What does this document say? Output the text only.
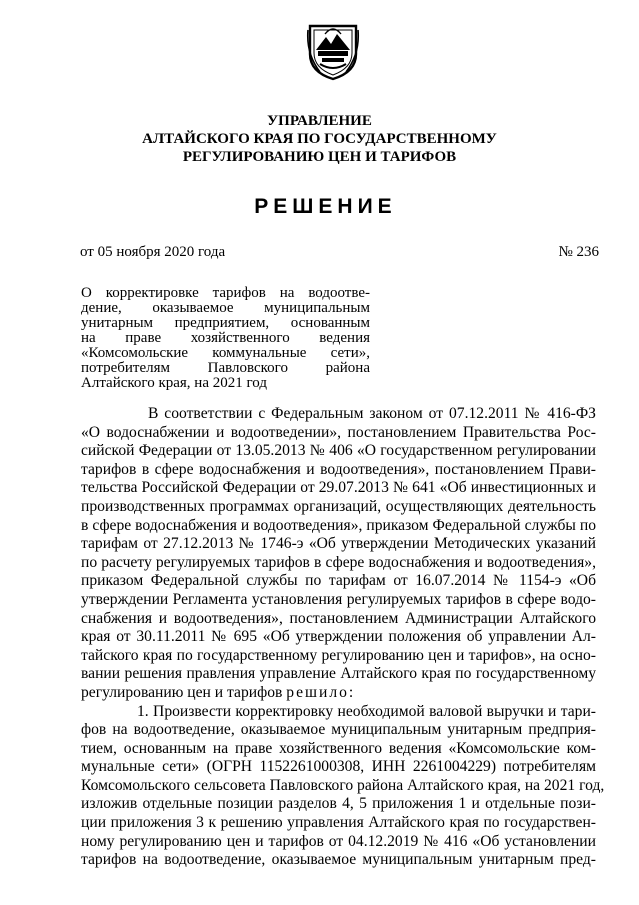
УПРАВЛЕНИЕ
АЛТАЙСКОГО КРАЯ ПО ГОСУДАРСТВЕННОМУ
РЕГУЛИРОВАНИЮ ЦЕН И ТАРИФОВ
РЕШЕНИЕ
от 05 ноября 2020 года	№ 236
О корректировке тарифов на водоотве-
дение, оказываемое муниципальным
унитарным предприятием, основанным
на праве хозяйственного ведения
«Комсомольские коммунальные сети»,
потребителям Павловского района
Алтайского края, на 2021 год
В соответствии с Федеральным законом от 07.12.2011 № 416-ФЗ
«О водоснабжении и водоотведении», постановлением Правительства Рос-
сийской Федерации от 13.05.2013 № 406 «О государственном регулировании
тарифов в сфере водоснабжения и водоотведения», постановлением Прави-
тельства Российской Федерации от 29.07.2013 № 641 «Об инвестиционных и
производственных программах организаций, осуществляющих деятельность
в сфере водоснабжения и водоотведения», приказом Федеральной службы по
тарифам от 27.12.2013 № 1746-э «Об утверждении Методических указаний
по расчету регулируемых тарифов в сфере водоснабжения и водоотведения»,
приказом Федеральной службы по тарифам от 16.07.2014 № 1154-э «Об
утверждении Регламента установления регулируемых тарифов в сфере водо-
снабжения и водоотведения», постановлением Администрации Алтайского
края от 30.11.2011 № 695 «Об утверждении положения об управлении Ал-
тайского края по государственному регулированию цен и тарифов», на осно-
вании решения правления управление Алтайского края по государственному
регулированию цен и тарифов решило:
1. Произвести корректировку необходимой валовой выручки и тари-
фов на водоотведение, оказываемое муниципальным унитарным предприя-
тием, основанным на праве хозяйственного ведения «Комсомольские ком-
мунальные сети» (ОГРН 1152261000308, ИНН 2261004229) потребителям
Комсомольского сельсовета Павловского района Алтайского края, на 2021 год,
изложив отдельные позиции разделов 4, 5 приложения 1 и отдельные пози-
ции приложения 3 к решению управления Алтайского края по государствен-
ному регулированию цен и тарифов от 04.12.2019 № 416 «Об установлении
тарифов на водоотведение, оказываемое муниципальным унитарным пред-
